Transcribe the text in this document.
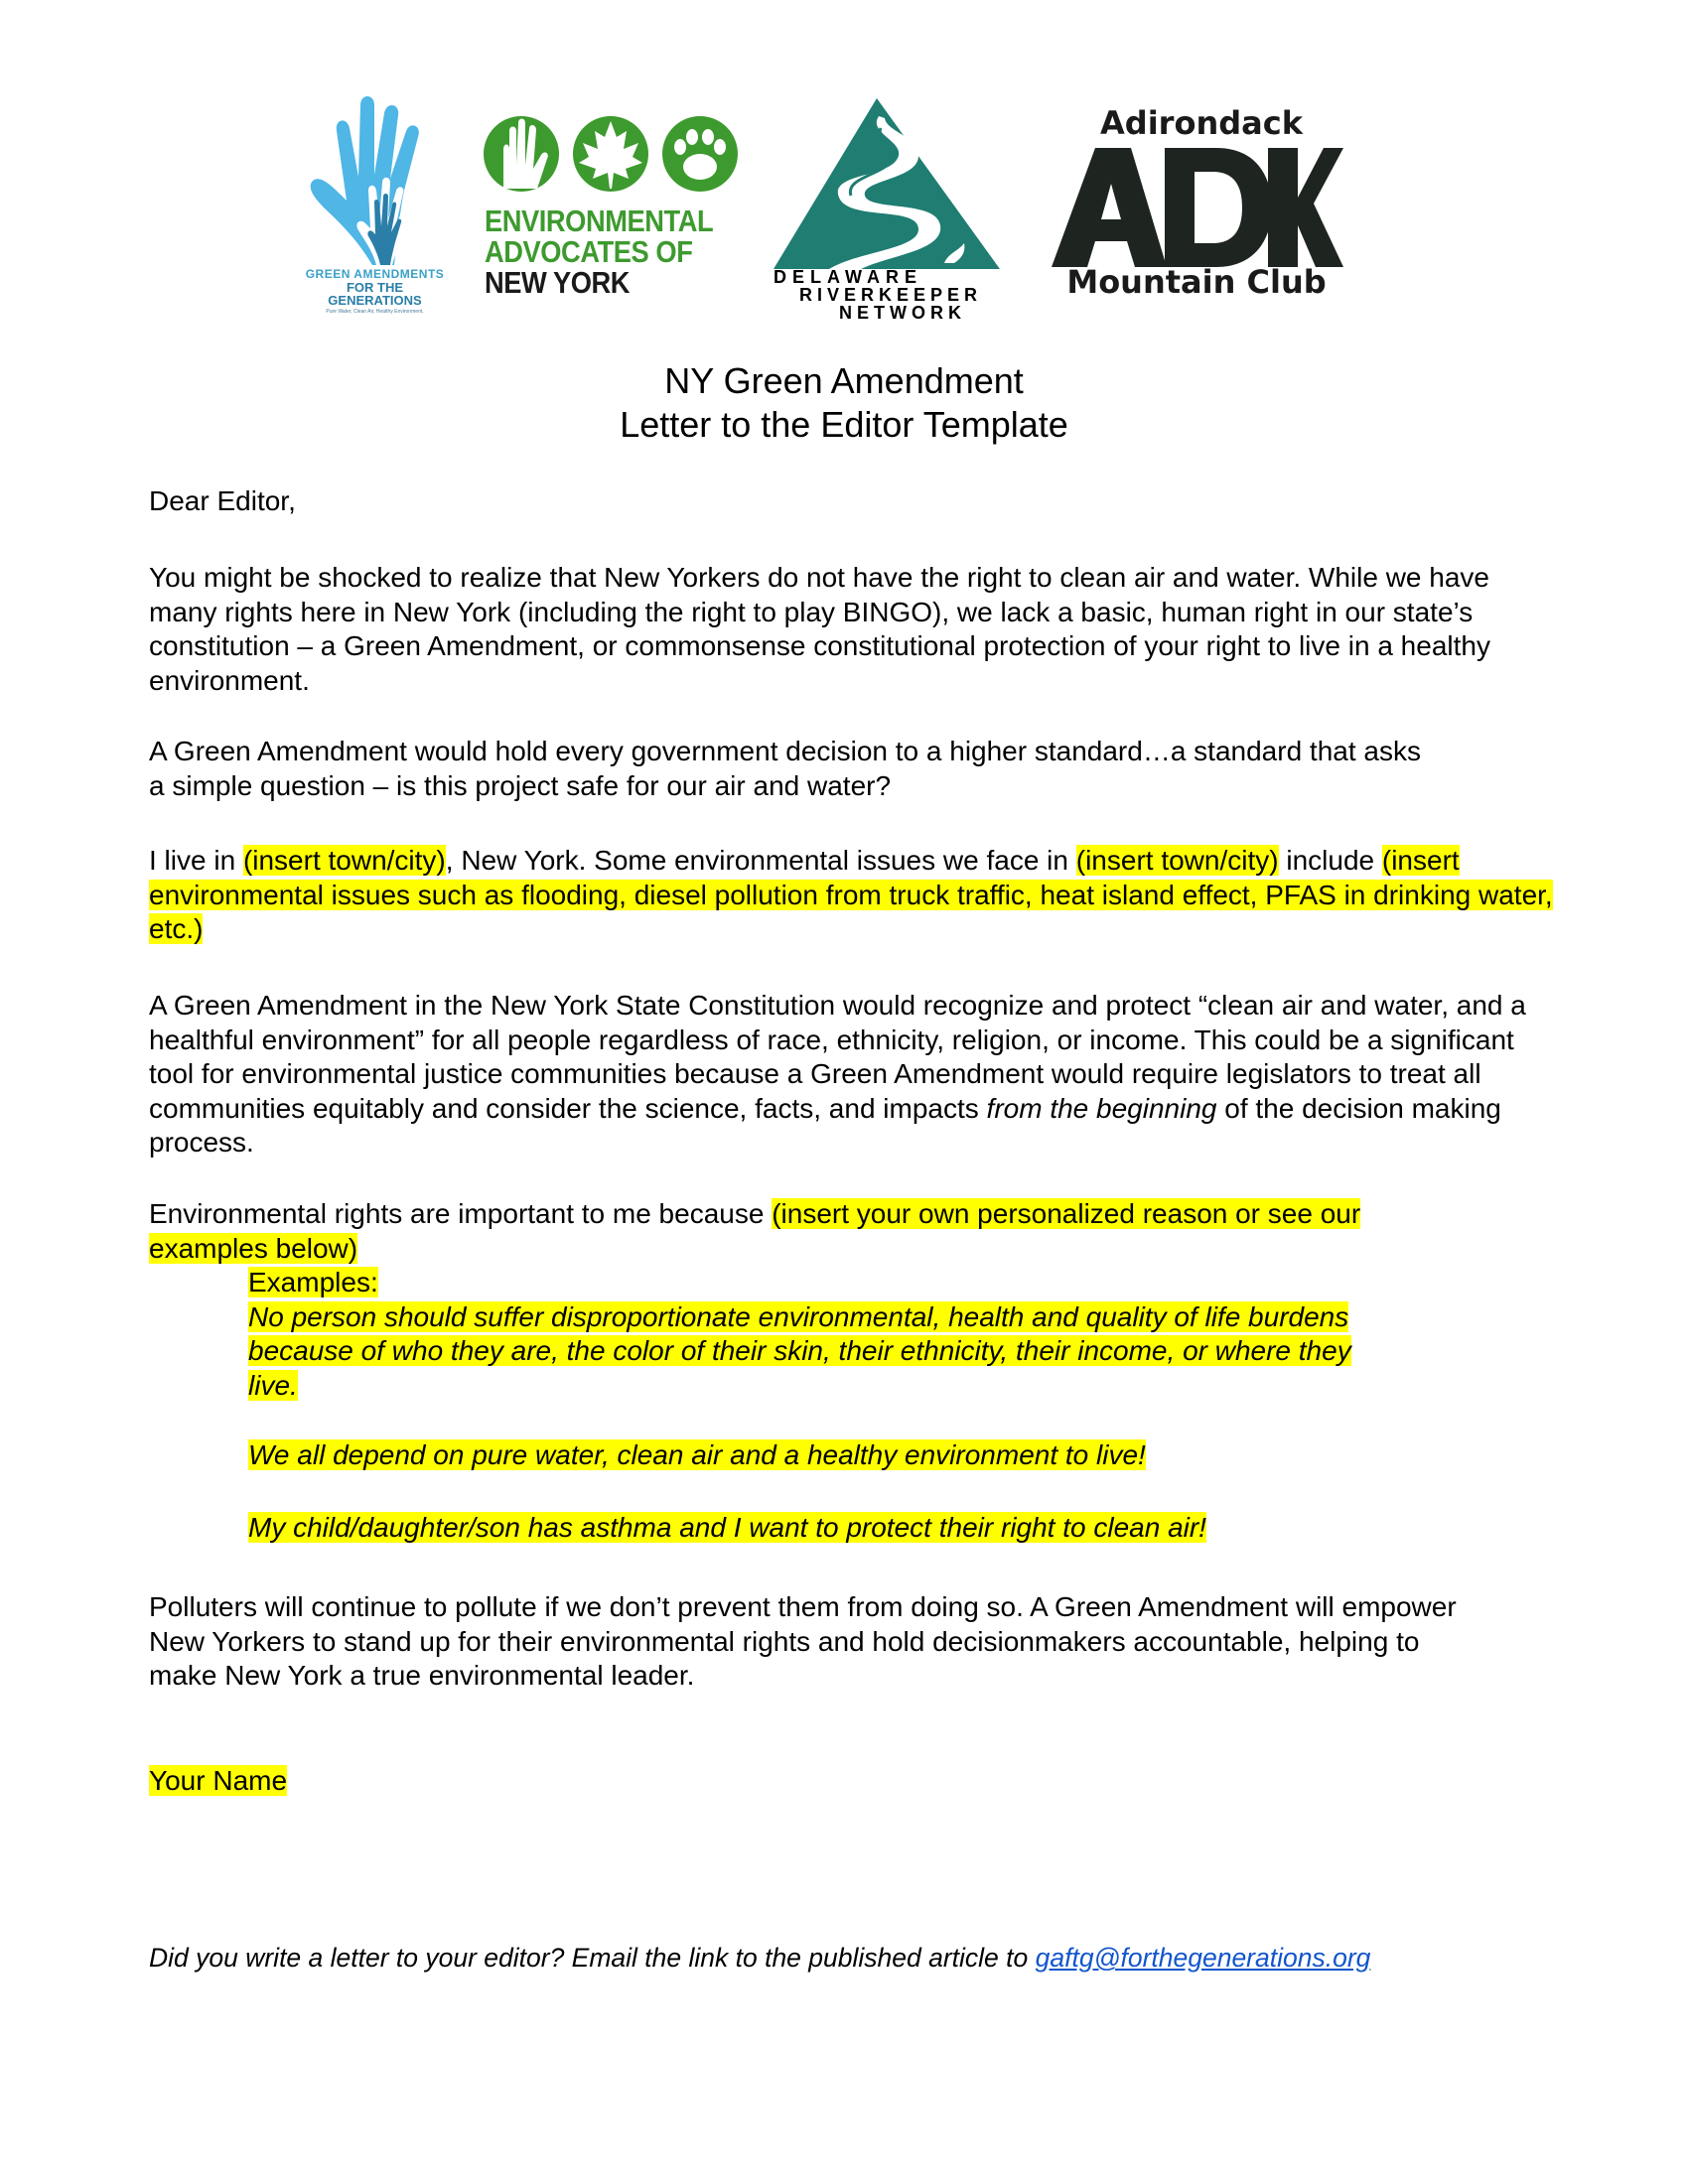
GREEN AMENDMENTS
FOR THE GENERATIONS
Pure Water, Clean Air, Healthy Environment.
ENVIRONMENTAL
ADVOCATES OF
NEW YORK	DELAWARE
RIVERKEEPER
NETWORK
Adirondack
Mountain Club
NY Green Amendment
Letter to the Editor Template
Dear Editor,
You might be shocked to realize that New Yorkers do not have the right to clean air and water. While we have many rights here in New York (including the right to play BINGO), we lack a basic, human right in our state’s constitution – a Green Amendment, or commonsense constitutional protection of your right to live in a healthy environment.
A Green Amendment would hold every government decision to a higher standard…a standard that asks a simple question – is this project safe for our air and water?
I live in (insert town/city), New York. Some environmental issues we face in (insert town/city) include (insert environmental issues such as flooding, diesel pollution from truck traffic, heat island effect, PFAS in drinking water, etc.)
A Green Amendment in the New York State Constitution would recognize and protect “clean air and water, and a healthful environment” for all people regardless of race, ethnicity, religion, or income. This could be a significant tool for environmental justice communities because a Green Amendment would require legislators to treat all communities equitably and consider the science, facts, and impacts from the beginning of the decision making process.
Environmental rights are important to me because (insert your own personalized reason or see our examples below)
Examples:
No person should suffer disproportionate environmental, health and quality of life burdens because of who they are, the color of their skin, their ethnicity, their income, or where they live.
We all depend on pure water, clean air and a healthy environment to live!
My child/daughter/son has asthma and I want to protect their right to clean air!
Polluters will continue to pollute if we don’t prevent them from doing so. A Green Amendment will empower New Yorkers to stand up for their environmental rights and hold decisionmakers accountable, helping to make New York a true environmental leader.
Your Name
Did you write a letter to your editor? Email the link to the published article to gaftg@forthegenerations.org
